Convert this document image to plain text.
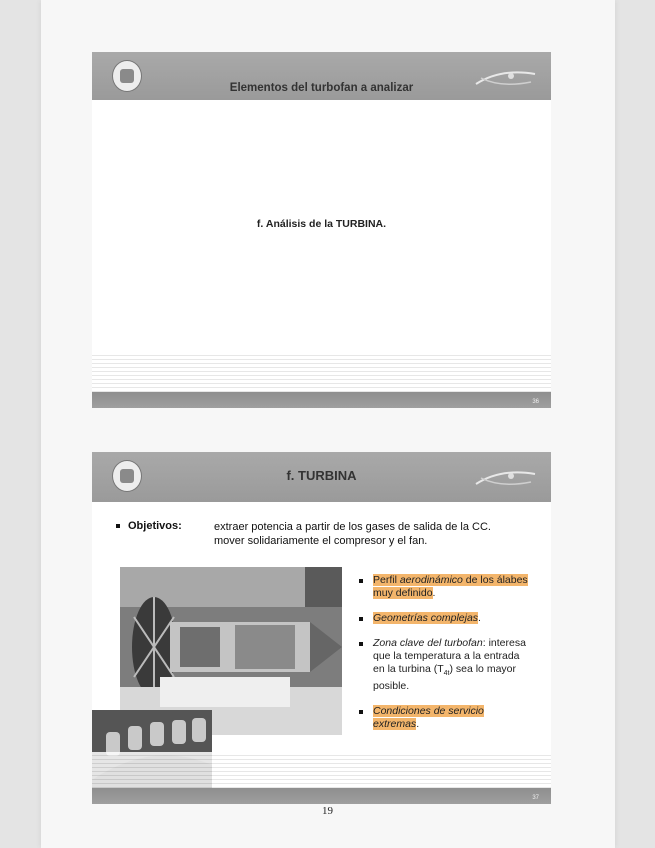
Elementos del turbofan a analizar
f. Análisis de la TURBINA.
36
f. TURBINA
Objetivos:	extraer potencia a partir de los gases de salida de la CC.
mover solidariamente el compresor y el fan.
Perfil aerodinámico de los álabes muy definido.
Geometrías complejas.
Zona clave del turbofan: interesa que la temperatura a la entrada en la turbina $(T_{4t})$ sea lo mayor posible.
Condiciones de servicio extremas.
37
19
